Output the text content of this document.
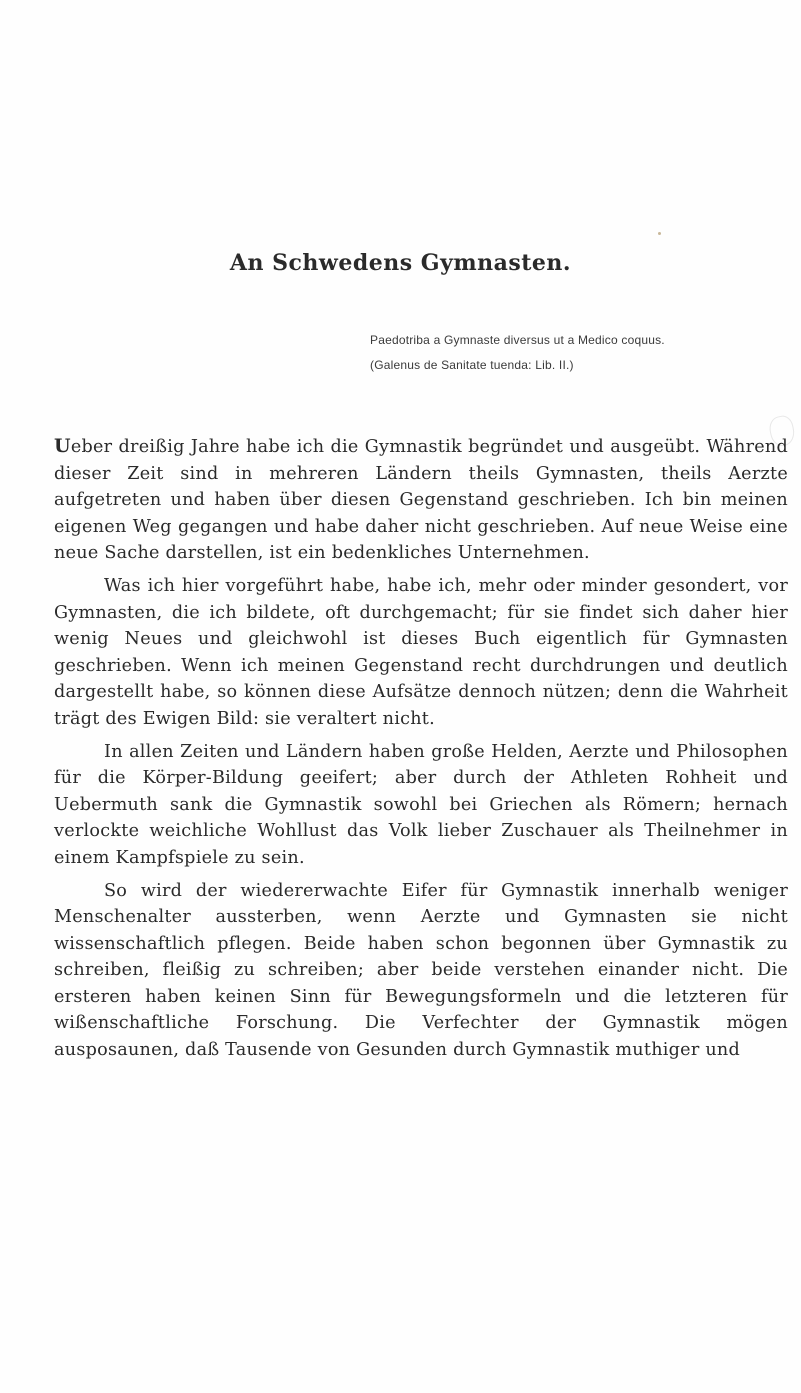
An Schwedens Gymnasten.
Paedotriba a Gymnaste diversus ut a Medico coquus.
(Galenus de Sanitate tuenda: Lib. II.)

Ueber dreißig Jahre habe ich die Gymnastik begründet und ausgeübt. Während dieser Zeit sind in mehreren Ländern theils Gymnasten, theils Aerzte aufgetreten und haben über diesen Gegenstand geschrieben. Ich bin meinen eigenen Weg gegangen und habe daher nicht geschrieben. Auf neue Weise eine neue Sache darstellen, ist ein bedenkliches Unternehmen.

Was ich hier vorgeführt habe, habe ich, mehr oder minder gesondert, vor Gymnasten, die ich bildete, oft durchgemacht; für sie findet sich daher hier wenig Neues und gleichwohl ist dieses Buch eigentlich für Gymnasten geschrieben. Wenn ich meinen Gegenstand recht durchdrungen und deutlich dargestellt habe, so können diese Aufsätze dennoch nützen; denn die Wahrheit trägt des Ewigen Bild: sie veraltert nicht.

In allen Zeiten und Ländern haben große Helden, Aerzte und Philosophen für die Körper-Bildung geeifert; aber durch der Athleten Rohheit und Uebermuth sank die Gymnastik sowohl bei Griechen als Römern; hernach verlockte weichliche Wohllust das Volk lieber Zuschauer als Theilnehmer in einem Kampfspiele zu sein.

So wird der wiedererwachte Eifer für Gymnastik innerhalb weniger Menschenalter aussterben, wenn Aerzte und Gymnasten sie nicht wissenschaftlich pflegen. Beide haben schon begonnen über Gymnastik zu schreiben, fleißig zu schreiben; aber beide verstehen einander nicht. Die ersteren haben keinen Sinn für Bewegungsformeln und die letzteren für wißenschaftliche Forschung. Die Verfechter der Gymnastik mögen ausposaunen, daß Tausende von Gesunden durch Gymnastik muthiger und
